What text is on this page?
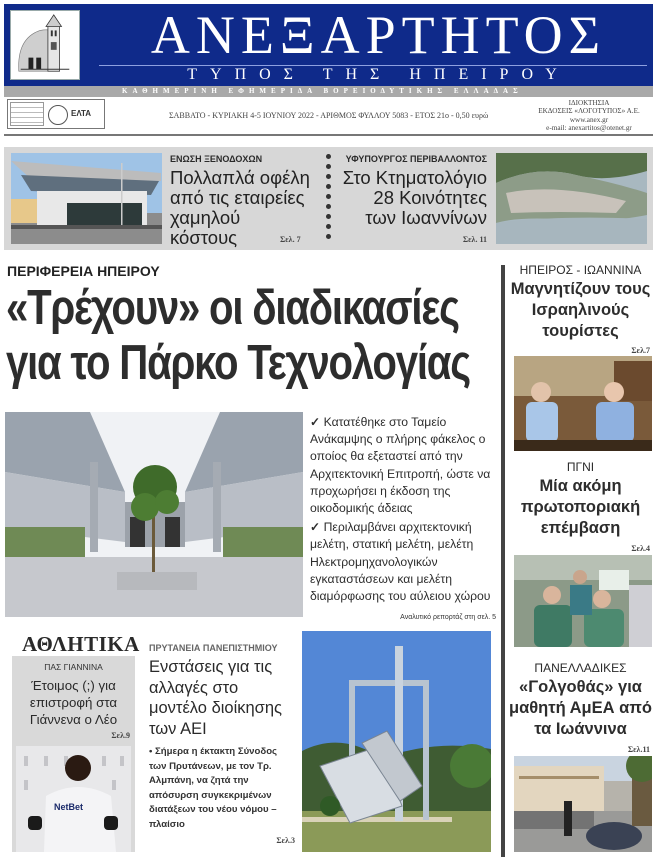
ΑΝΕΞΑΡΤΗΤΟΣ
ΤΥΠΟΣ ΤΗΣ ΗΠΕΙΡΟΥ
ΚΑΘΗΜΕΡΙΝΗ ΕΦΗΜΕΡΙΔΑ ΒΟΡΕΙΟΔΥΤΙΚΗΣ ΕΛΛΑΔΑΣ
ΕΛΤΑ	ΣΑΒΒΑΤΟ - ΚΥΡΙΑΚΗ 4-5 ΙΟΥΝΙΟΥ 2022 - ΑΡΙΘΜΟΣ ΦΥΛΛΟΥ 5083 - ΕΤΟΣ 21ο - 0,50 ευρώ
ΙΔΙΟΚΤΗΣΙΑ
ΕΚΔΟΣΕΙΣ «ΛΟΓΟΤΥΠΟΣ» Α.Ε.
www.anex.gr
e-mail: anexartitos@otenet.gr
ΕΝΩΣΗ ΞΕΝΟΔΟΧΩΝ
Πολλαπλά οφέλη από τις εταιρείες χαμηλού κόστους	Σελ. 7
ΥΦΥΠΟΥΡΓΟΣ ΠΕΡΙΒΑΛΛΟΝΤΟΣ
Στο Κτηματολόγιο 28 Κοινότητες των Ιωαννίνων
Σελ. 11
ΠΕΡΙΦΕΡΕΙΑ ΗΠΕΙΡΟΥ
«Τρέχουν» οι διαδικασίες
για το Πάρκο Τεχνολογίας

✓ Κατατέθηκε στο Ταμείο Ανάκαμψης ο πλήρης φάκελος ο οποίος θα εξεταστεί από την Αρχιτεκτονική Επιτροπή, ώστε να προχωρήσει η έκδοση της οικοδομικής άδειας

✓ Περιλαμβάνει αρχιτεκτονική μελέτη, στατική μελέτη, μελέτη Ηλεκτρομηχανολογικών εγκαταστάσεων και μελέτη διαμόρφωσης του αύλειου χώρου

Αναλυτικό ρεπορτάζ στη σελ. 5
ΗΠΕΙΡΟΣ - ΙΩΑΝΝΙΝΑ
Μαγνητίζουν τους Ισραηλινούς τουρίστες
Σελ.7
ΠΓΝΙ
Μία ακόμη πρωτοποριακή επέμβαση
Σελ.4
ΠΑΝΕΛΛΑΔΙΚΕΣ
«Γολγοθάς» για μαθητή ΑμΕΑ από τα Ιωάννινα
Σελ.11
ΑΘΛΗΤΙΚΑ
ΠΑΣ ΓΙΑΝΝΙΝΑ
Έτοιμος (;) για επιστροφή στα Γιάννενα ο Λέο
Σελ.9
NetBet
ΠΡΥΤΑΝΕΙΑ ΠΑΝΕΠΙΣΤΗΜΙΟΥ
Ενστάσεις για τις αλλαγές στο μοντέλο διοίκησης των ΑΕΙ
• Σήμερα η έκτακτη Σύνοδος των Πρυτάνεων, με τον Τρ. Αλμπάνη, να ζητά την απόσυρση συγκεκριμένων διατάξεων του νέου νόμου – πλαίσιο
Σελ.3
